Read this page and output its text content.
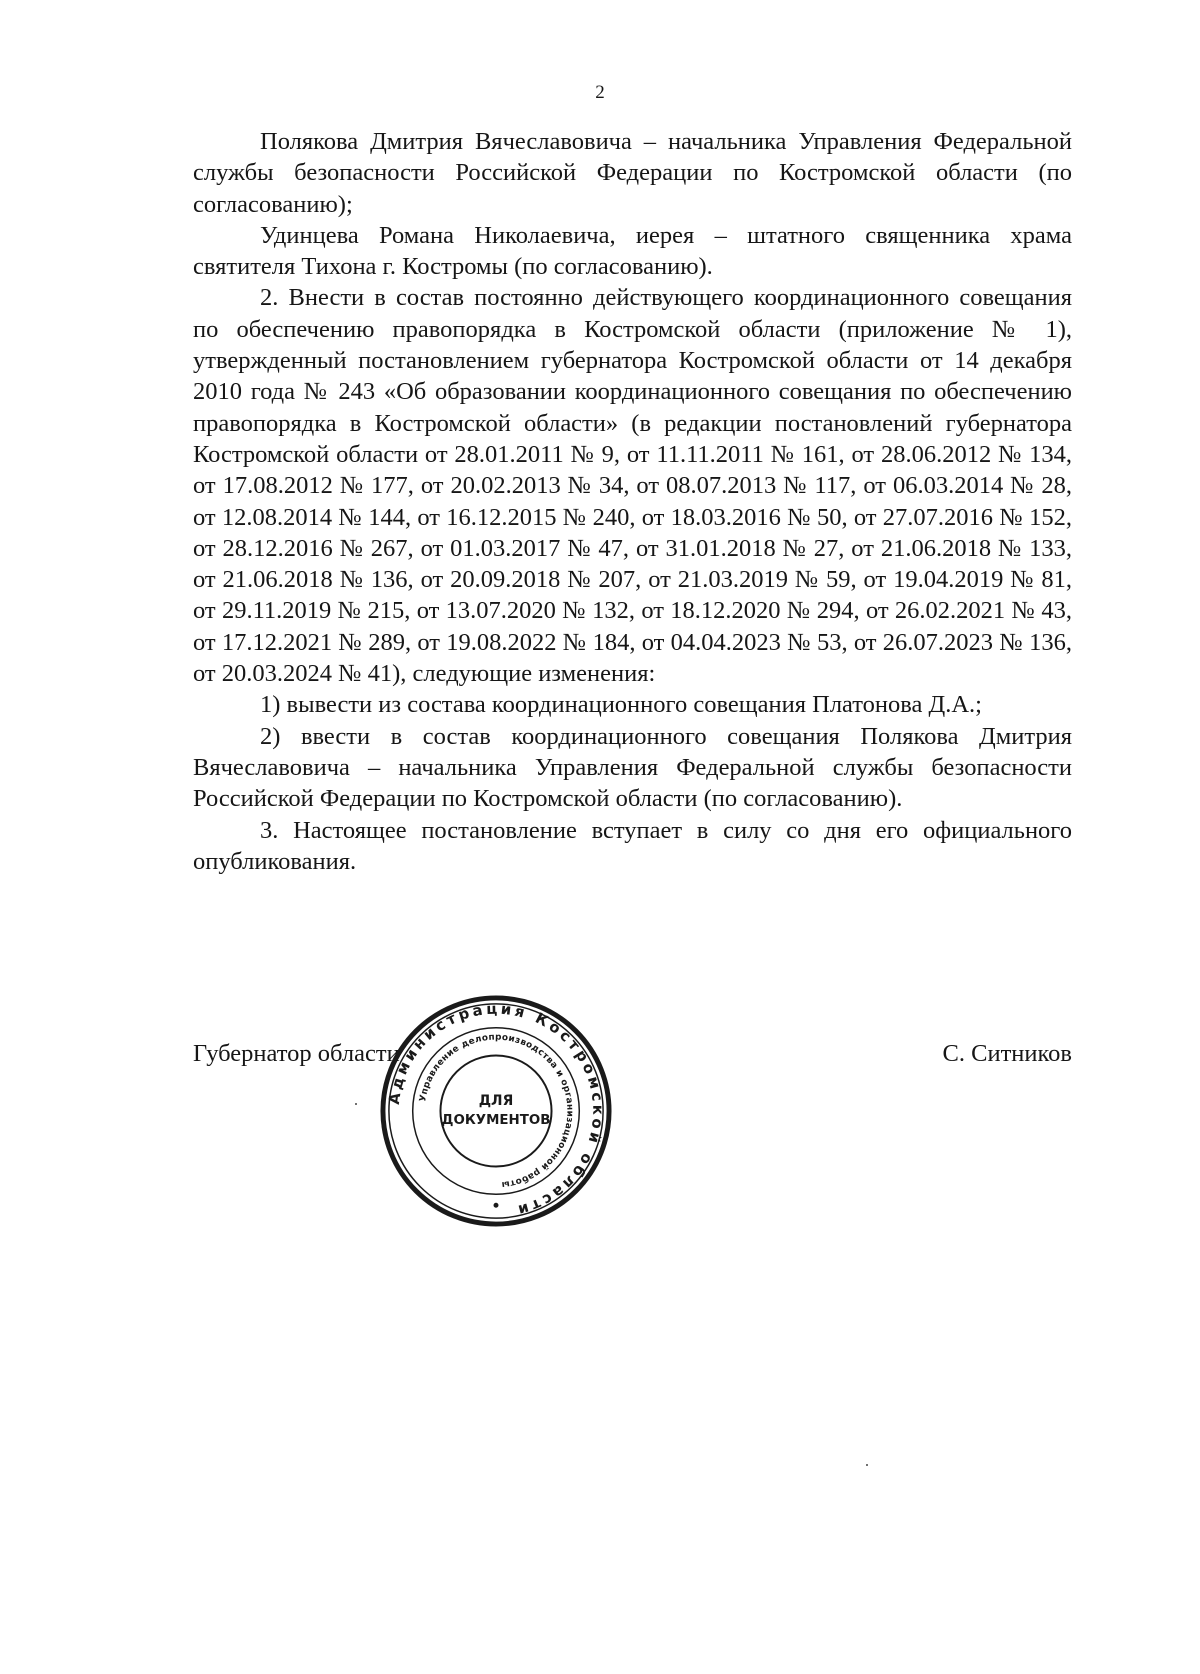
2

Полякова Дмитрия Вячеславовича – начальника Управления Федеральной службы безопасности Российской Федерации по Костромской области (по согласованию);

Удинцева Романа Николаевича, иерея – штатного священника храма святителя Тихона г. Костромы (по согласованию).

2. Внести в состав постоянно действующего координационного совещания по обеспечению правопорядка в Костромской области (приложение № 1), утвержденный постановлением губернатора Костромской области от 14 декабря 2010 года № 243 «Об образовании координационного совещания по обеспечению правопорядка в Костромской области» (в редакции постановлений губернатора Костромской области от 28.01.2011 № 9, от 11.11.2011 № 161, от 28.06.2012 № 134, от 17.08.2012 № 177, от 20.02.2013 № 34, от 08.07.2013 № 117, от 06.03.2014 № 28, от 12.08.2014 № 144, от 16.12.2015 № 240, от 18.03.2016 № 50, от 27.07.2016 № 152, от 28.12.2016 № 267, от 01.03.2017 № 47, от 31.01.2018 № 27, от 21.06.2018 № 133, от 21.06.2018 № 136, от 20.09.2018 № 207, от 21.03.2019 № 59, от 19.04.2019 № 81, от 29.11.2019 № 215, от 13.07.2020 № 132, от 18.12.2020 № 294, от 26.02.2021 № 43, от 17.12.2021 № 289, от 19.08.2022 № 184, от 04.04.2023 № 53, от 26.07.2023 № 136, от 20.03.2024 № 41), следующие изменения:

1) вывести из состава координационного совещания Платонова Д.А.;

2) ввести в состав координационного совещания Полякова Дмитрия Вячеславовича – начальника Управления Федеральной службы безопасности Российской Федерации по Костромской области (по согласованию).

3. Настоящее постановление вступает в силу со дня его официального опубликования.

Губернатор области	С. Ситников
Администрация Костромской области
Управление делопроизводства и организационной работы
ДЛЯ
ДОКУМЕНТОВ
